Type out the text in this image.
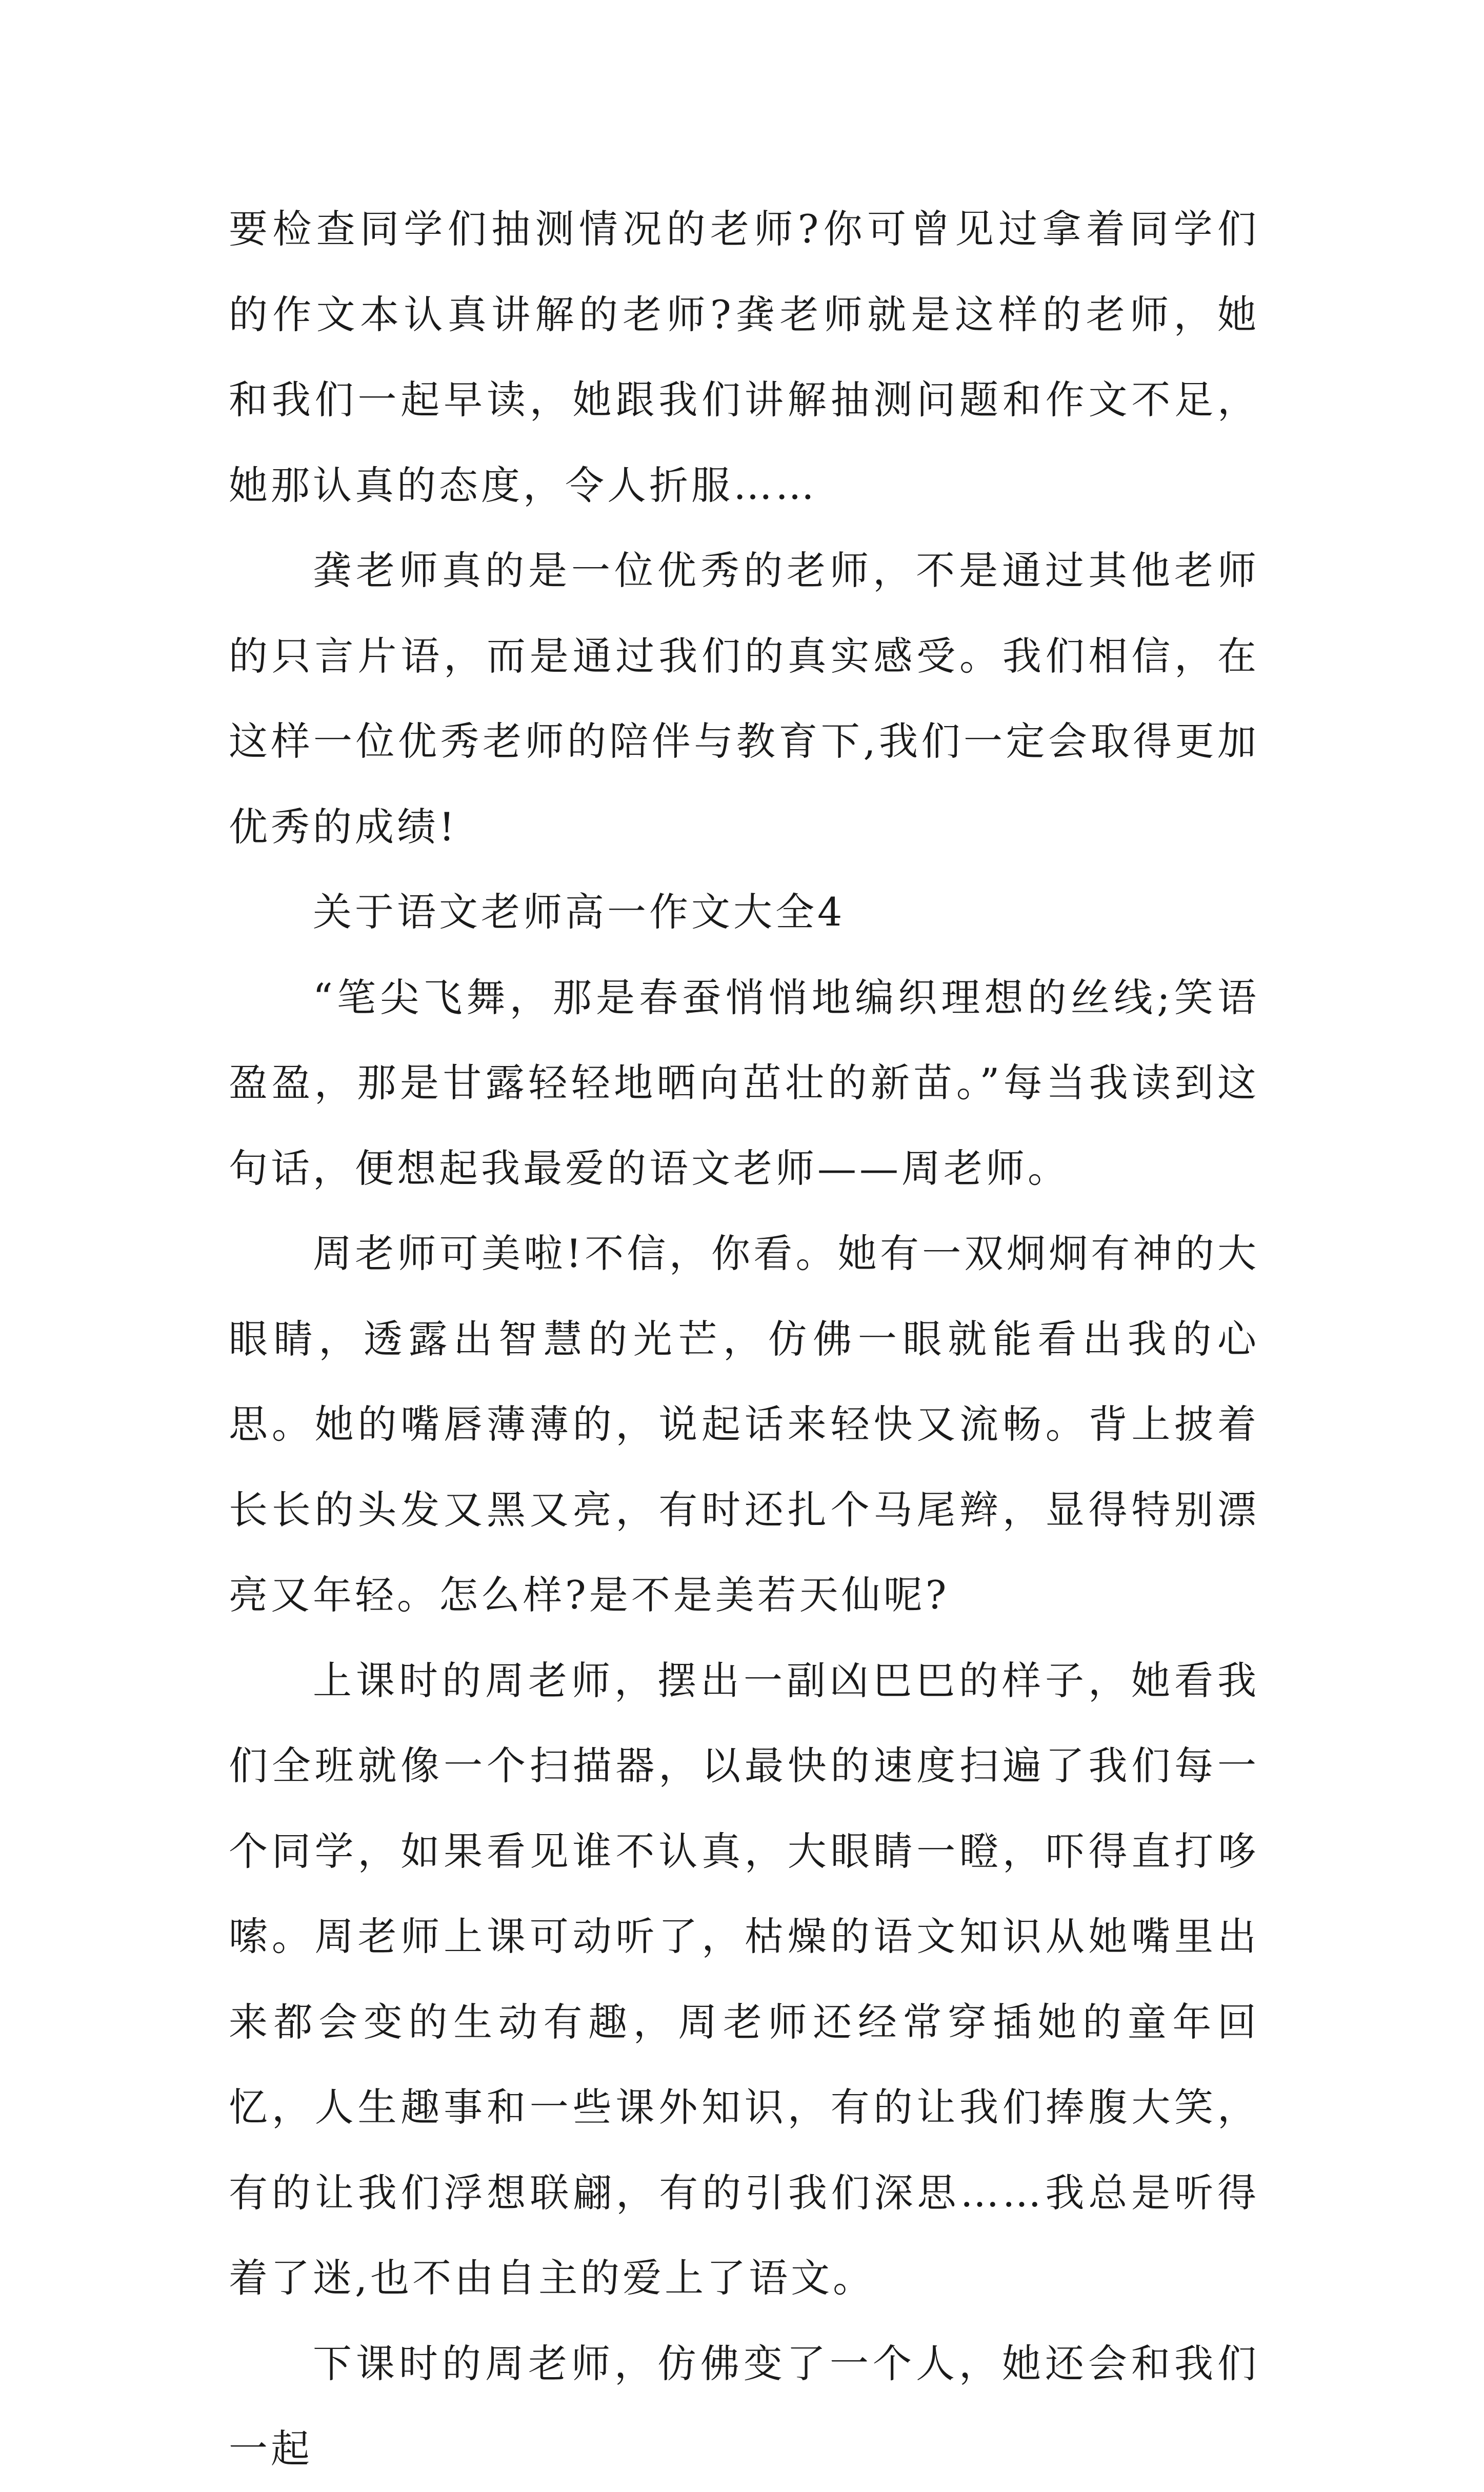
要检查同学们抽测情况的老师?你可曾见过拿着同学们的作文本认真讲解的老师?龚老师就是这样的老师，她和我们一起早读，她跟我们讲解抽测问题和作文不足，她那认真的态度，令人折服……

龚老师真的是一位优秀的老师，不是通过其他老师的只言片语，而是通过我们的真实感受。我们相信，在这样一位优秀老师的陪伴与教育下,我们一定会取得更加优秀的成绩!

关于语文老师高一作文大全4

“笔尖飞舞，那是春蚕悄悄地编织理想的丝线;笑语盈盈，那是甘露轻轻地晒向茁壮的新苗。”每当我读到这句话，便想起我最爱的语文老师——周老师。

周老师可美啦!不信，你看。她有一双炯炯有神的大眼睛，透露出智慧的光芒，仿佛一眼就能看出我的心思。她的嘴唇薄薄的，说起话来轻快又流畅。背上披着长长的头发又黑又亮，有时还扎个马尾辫，显得特别漂亮又年轻。怎么样?是不是美若天仙呢?

上课时的周老师，摆出一副凶巴巴的样子，她看我们全班就像一个扫描器，以最快的速度扫遍了我们每一个同学，如果看见谁不认真，大眼睛一瞪，吓得直打哆嗦。周老师上课可动听了，枯燥的语文知识从她嘴里出来都会变的生动有趣，周老师还经常穿插她的童年回忆，人生趣事和一些课外知识，有的让我们捧腹大笑，有的让我们浮想联翩，有的引我们深思……我总是听得着了迷,也不由自主的爱上了语文。

下课时的周老师，仿佛变了一个人，她还会和我们一起
